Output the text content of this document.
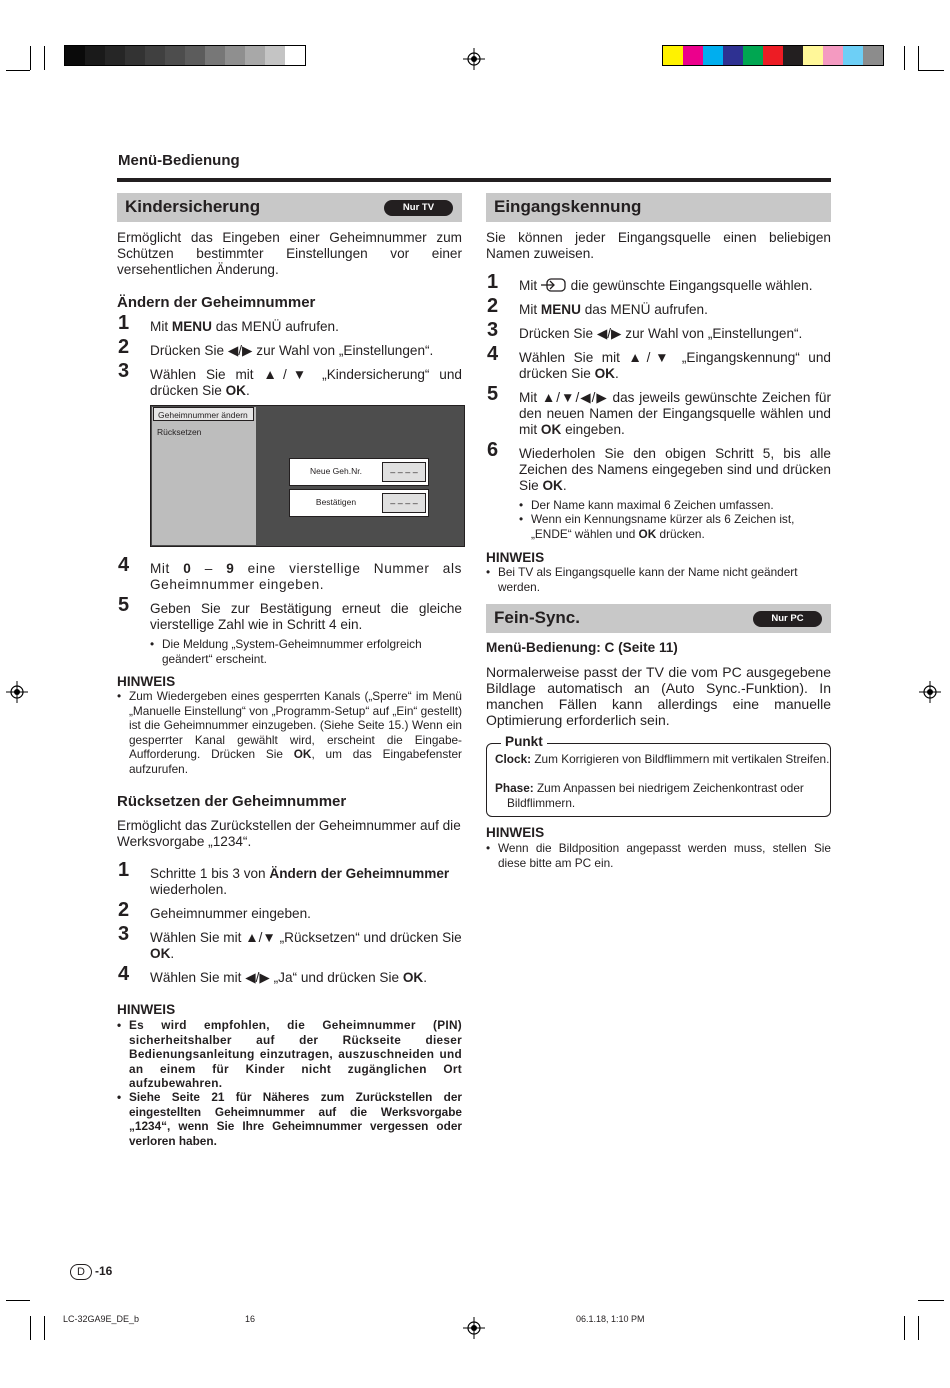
Menü-Bedienung
Kindersicherung	Nur TV

Ermöglicht das Eingeben einer Geheimnummer zum Schützen bestimmter Einstellungen vor einer versehentlichen Änderung.

Ändern der Geheimnummer
1 Mit MENU das MENÜ aufrufen.
2 Drücken Sie ◀/▶ zur Wahl von „Einstellungen“.
3 Wählen Sie mit ▲/▼ „Kindersicherung“ und drücken Sie OK.
Geheimnummer ändern
Rücksetzen
Neue Geh.Nr.	– – – –
Bestätigen	– – – –
4 Mit 0 – 9 eine vierstellige Nummer als Geheimnummer eingeben.
5 Geben Sie zur Bestätigung erneut die gleiche vierstellige Zahl wie in Schritt 4 ein.
• Die Meldung „System-Geheimnummer erfolgreich geändert“ erscheint.
HINWEIS
• Zum Wiedergeben eines gesperrten Kanals („Sperre“ im Menü „Manuelle Einstellung“ von „Programm-Setup“ auf „Ein“ gestellt) ist die Geheimnummer einzugeben. (Siehe Seite 15.) Wenn ein gesperrter Kanal gewählt wird, erscheint die Eingabe-Aufforderung. Drücken Sie OK, um das Eingabefenster aufzurufen.
Rücksetzen der Geheimnummer

Ermöglicht das Zurückstellen der Geheimnummer auf die Werksvorgabe „1234“.

1 Schritte 1 bis 3 von Ändern der Geheimnummer wiederholen.
2 Geheimnummer eingeben.
3 Wählen Sie mit ▲/▼ „Rücksetzen“ und drücken Sie OK.
4 Wählen Sie mit ◀/▶ „Ja“ und drücken Sie OK.
HINWEIS
• Es wird empfohlen, die Geheimnummer (PIN) sicherheitshalber auf der Rückseite dieser Bedienungsanleitung einzutragen, auszuschneiden und an einem für Kinder nicht zugänglichen Ort aufzubewahren.
• Siehe Seite 21 für Näheres zum Zurückstellen der eingestellten Geheimnummer auf die Werksvorgabe „1234“, wenn Sie Ihre Geheimnummer vergessen oder verloren haben.
Eingangskennung

Sie können jeder Eingangsquelle einen beliebigen Namen zuweisen.

1 Mit  die gewünschte Eingangsquelle wählen.
2 Mit MENU das MENÜ aufrufen.
3 Drücken Sie ◀/▶ zur Wahl von „Einstellungen“.
4 Wählen Sie mit ▲/▼ „Eingangskennung“ und drücken Sie OK.
5 Mit ▲/▼/◀/▶ das jeweils gewünschte Zeichen für den neuen Namen der Eingangsquelle wählen und mit OK eingeben.
6 Wiederholen Sie den obigen Schritt 5, bis alle Zeichen des Namens eingegeben sind und drücken Sie OK.
• Der Name kann maximal 6 Zeichen umfassen.
• Wenn ein Kennungsname kürzer als 6 Zeichen ist, „ENDE“ wählen und OK drücken.
HINWEIS
• Bei TV als Eingangsquelle kann der Name nicht geändert werden.
Fein-Sync.	Nur PC
Menü-Bedienung: C (Seite 11)

Normalerweise passt der TV die vom PC ausgegebene Bildlage automatisch an (Auto Sync.-Funktion). In manchen Fällen kann allerdings eine manuelle Optimierung erforderlich sein.

Punkt
Clock: Zum Korrigieren von Bildflimmern mit vertikalen Streifen.
Phase: Zum Anpassen bei niedrigem Zeichenkontrast oder Bildflimmern.
HINWEIS
• Wenn die Bildposition angepasst werden muss, stellen Sie diese bitte am PC ein.
D -16
LC-32GA9E_DE_b	16	06.1.18, 1:10 PM
